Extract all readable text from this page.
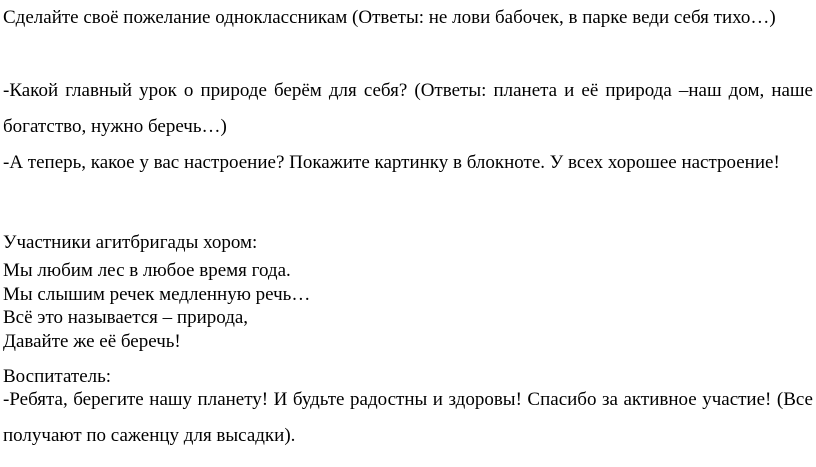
Сделайте своё пожелание одноклассникам (Ответы: не лови бабочек, в парке веди себя тихо…)

-Какой главный урок о природе берём для себя? (Ответы: планета и её природа –наш дом, наше богатство, нужно беречь…)

-А теперь, какое у вас настроение? Покажите картинку в блокноте. У всех хорошее настроение!

Участники агитбригады хором:

Мы любим лес в любое время года.
Мы слышим речек медленную речь…
Всё это называется – природа,
Давайте же её беречь!

Воспитатель:

-Ребята, берегите нашу планету! И будьте радостны и здоровы! Спасибо за активное участие! (Все получают по саженцу для высадки).
